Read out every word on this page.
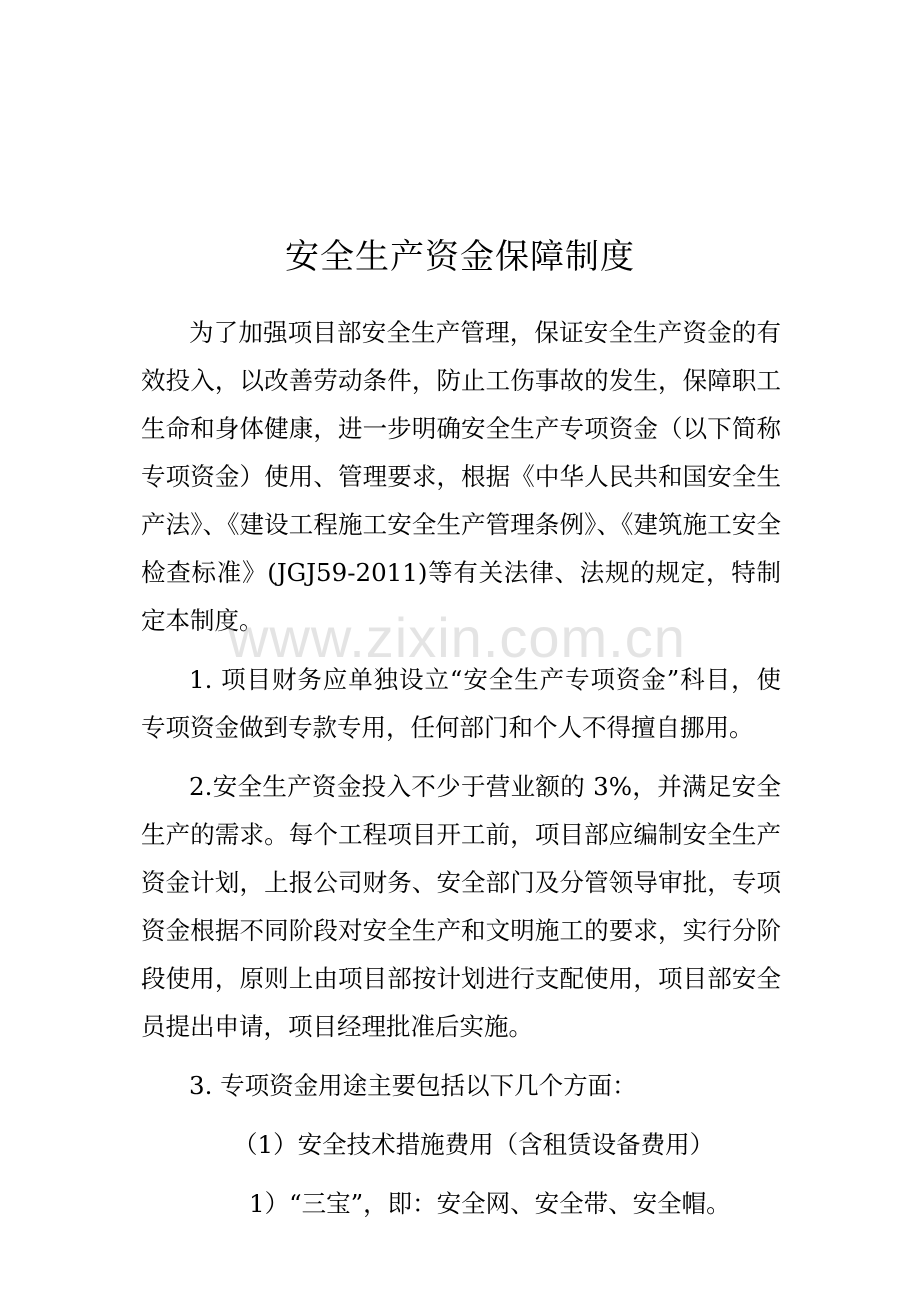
安全生产资金保障制度

为了加强项目部安全生产管理，保证安全生产资金的有效投入，以改善劳动条件，防止工伤事故的发生，保障职工生命和身体健康，进一步明确安全生产专项资金（以下简称专项资金）使用、管理要求，根据《中华人民共和国安全生产法》、《建设工程施工安全生产管理条例》、《建筑施工安全检查标准》(JGJ59-2011)等有关法律、法规的规定，特制定本制度。

1. 项目财务应单独设立“安全生产专项资金”科目，使专项资金做到专款专用，任何部门和个人不得擅自挪用。

2.安全生产资金投入不少于营业额的 3%，并满足安全生产的需求。每个工程项目开工前，项目部应编制安全生产资金计划，上报公司财务、安全部门及分管领导审批，专项资金根据不同阶段对安全生产和文明施工的要求，实行分阶段使用，原则上由项目部按计划进行支配使用，项目部安全员提出申请，项目经理批准后实施。

3. 专项资金用途主要包括以下几个方面：

（1）安全技术措施费用（含租赁设备费用）

1）“三宝”，即：安全网、安全带、安全帽。

www.zixin.com.cn
